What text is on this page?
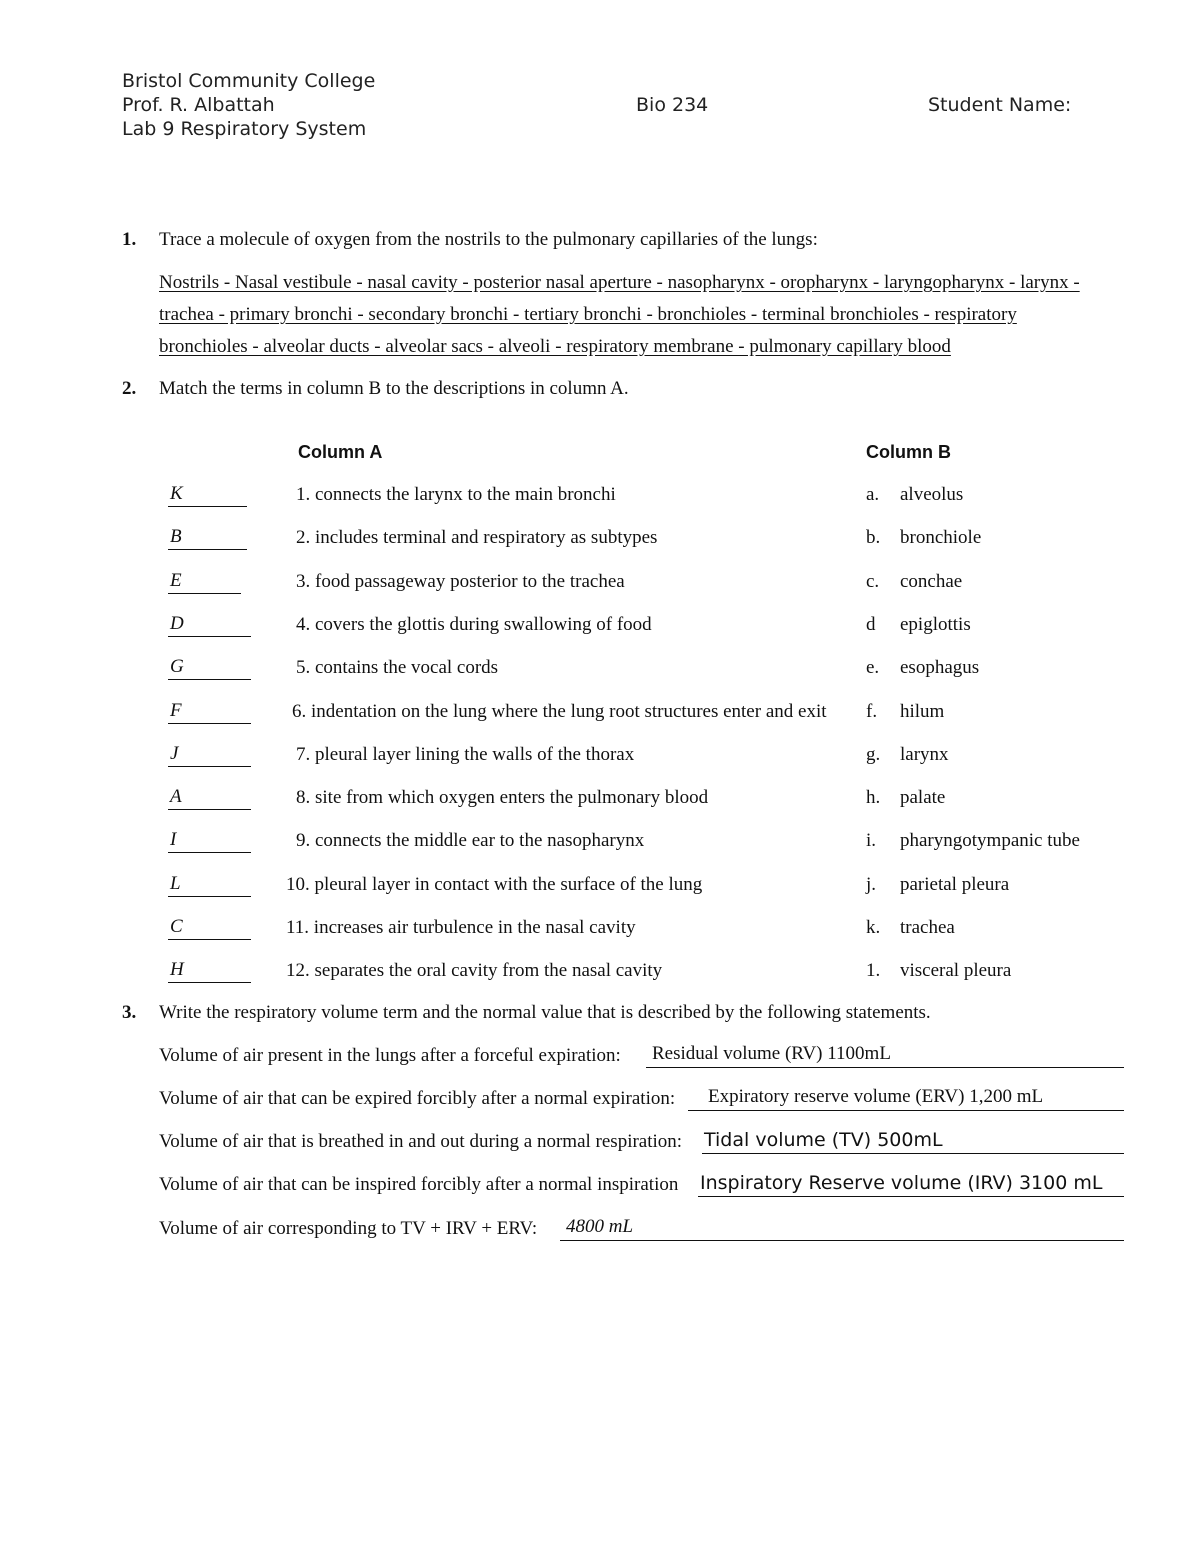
Bristol Community College
Prof. R. Albattah
Lab 9 Respiratory System
Bio 234	Student Name:
1. Trace a molecule of oxygen from the nostrils to the pulmonary capillaries of the lungs:
Nostrils - Nasal vestibule - nasal cavity - posterior nasal aperture - nasopharynx - oropharynx - laryngopharynx - larynx -
trachea - primary bronchi - secondary bronchi - tertiary bronchi - bronchioles - terminal bronchioles - respiratory
bronchioles - alveolar ducts - alveolar sacs - alveoli - respiratory membrane - pulmonary capillary blood
2. Match the terms in column B to the descriptions in column A.
Column A	Column B
K	1. connects the larynx to the main bronchi	a. alveolus
B	2. includes terminal and respiratory as subtypes	b. bronchiole
E	3. food passageway posterior to the trachea	c. conchae
D	4. covers the glottis during swallowing of food	d epiglottis
G	5. contains the vocal cords	e. esophagus
F	6. indentation on the lung where the lung root structures enter and exit f. hilum
J	7. pleural layer lining the walls of the thorax	g. larynx
A	8. site from which oxygen enters the pulmonary blood	h. palate
I	9. connects the middle ear to the nasopharynx	i. pharyngotympanic tube
L	10. pleural layer in contact with the surface of the lung	j. parietal pleura
C	11. increases air turbulence in the nasal cavity	k. trachea
H	12. separates the oral cavity from the nasal cavity	1. visceral pleura
3. Write the respiratory volume term and the normal value that is described by the following statements.
Volume of air present in the lungs after a forceful expiration:	Residual volume (RV) 1100mL
Volume of air that can be expired forcibly after a normal expiration:	Expiratory reserve volume (ERV) 1,200 mL
Volume of air that is breathed in and out during a normal respiration: Tidal volume (TV) 500mL
Volume of air that can be inspired forcibly after a normal inspiration Inspiratory Reserve volume (IRV) 3100 mL
Volume of air corresponding to TV + IRV + ERV:	4800 mL
